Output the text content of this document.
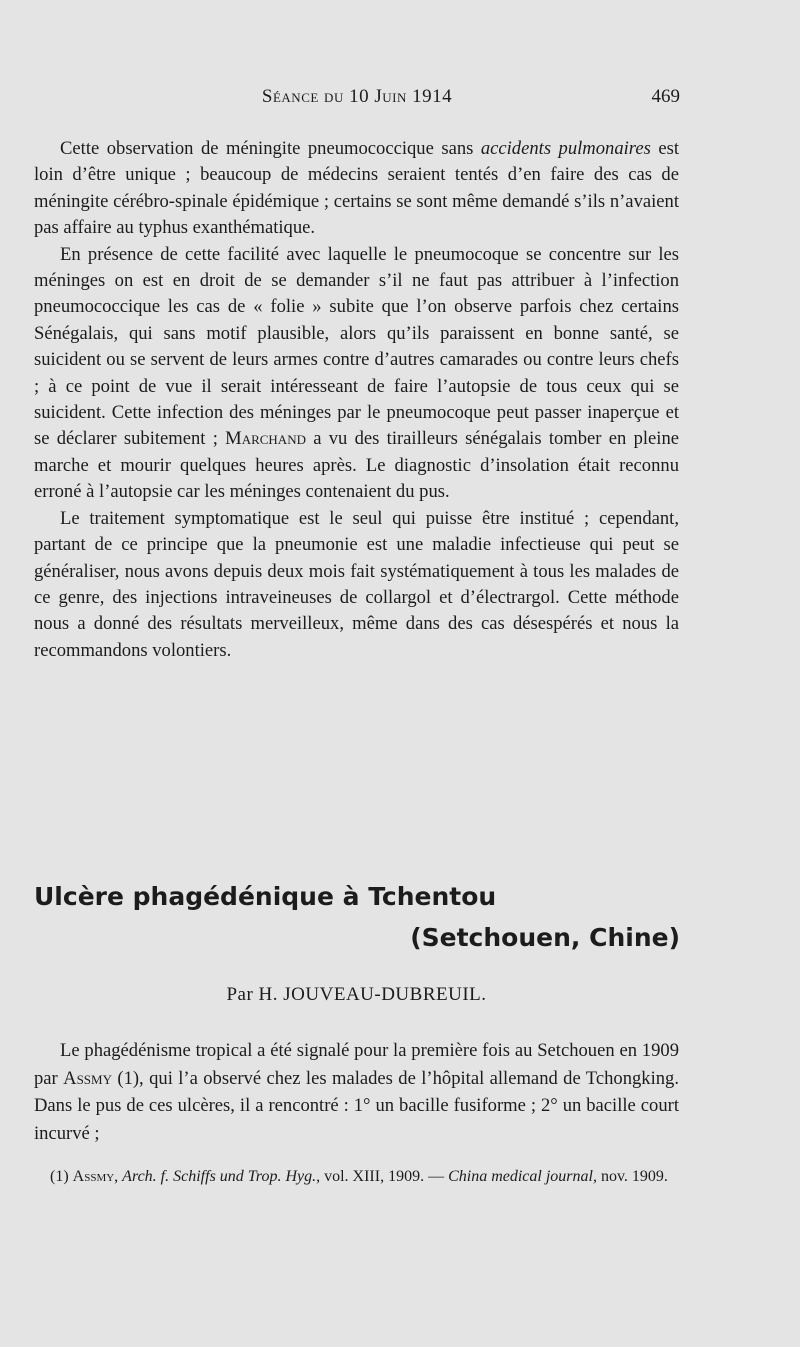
Séance du 10 Juin 1914	469

Cette observation de méningite pneumococcique sans accidents pulmonaires est loin d’être unique ; beaucoup de médecins seraient tentés d’en faire des cas de méningite cérébro-spinale épidémique ; certains se sont même demandé s’ils n’avaient pas affaire au typhus exanthématique.

En présence de cette facilité avec laquelle le pneumocoque se concentre sur les méninges on est en droit de se demander s’il ne faut pas attribuer à l’infection pneumococcique les cas de « folie » subite que l’on observe parfois chez certains Sénégalais, qui sans motif plausible, alors qu’ils paraissent en bonne santé, se suicident ou se servent de leurs armes contre d’autres camarades ou contre leurs chefs ; à ce point de vue il serait intéresseant de faire l’autopsie de tous ceux qui se suicident. Cette infection des méninges par le pneumocoque peut passer inaperçue et se déclarer subitement ; Marchand a vu des tirailleurs sénégalais tomber en pleine marche et mourir quelques heures après. Le diagnostic d’insolation était reconnu erroné à l’autopsie car les méninges contenaient du pus.

Le traitement symptomatique est le seul qui puisse être institué ; cependant, partant de ce principe que la pneumonie est une maladie infectieuse qui peut se généraliser, nous avons depuis deux mois fait systématiquement à tous les malades de ce genre, des injections intraveineuses de collargol et d’électrargol. Cette méthode nous a donné des résultats merveilleux, même dans des cas désespérés et nous la recommandons volontiers.

Ulcère phagédénique à Tchentou
(Setchouen, Chine)
Par H. JOUVEAU-DUBREUIL.

Le phagédénisme tropical a été signalé pour la première fois au Setchouen en 1909 par Assmy (1), qui l’a observé chez les malades de l’hôpital allemand de Tchongking. Dans le pus de ces ulcères, il a rencontré : 1° un bacille fusiforme ; 2° un bacille court incurvé ;

(1) Assmy, Arch. f. Schiffs und Trop. Hyg., vol. XIII, 1909. — China medical journal, nov. 1909.
